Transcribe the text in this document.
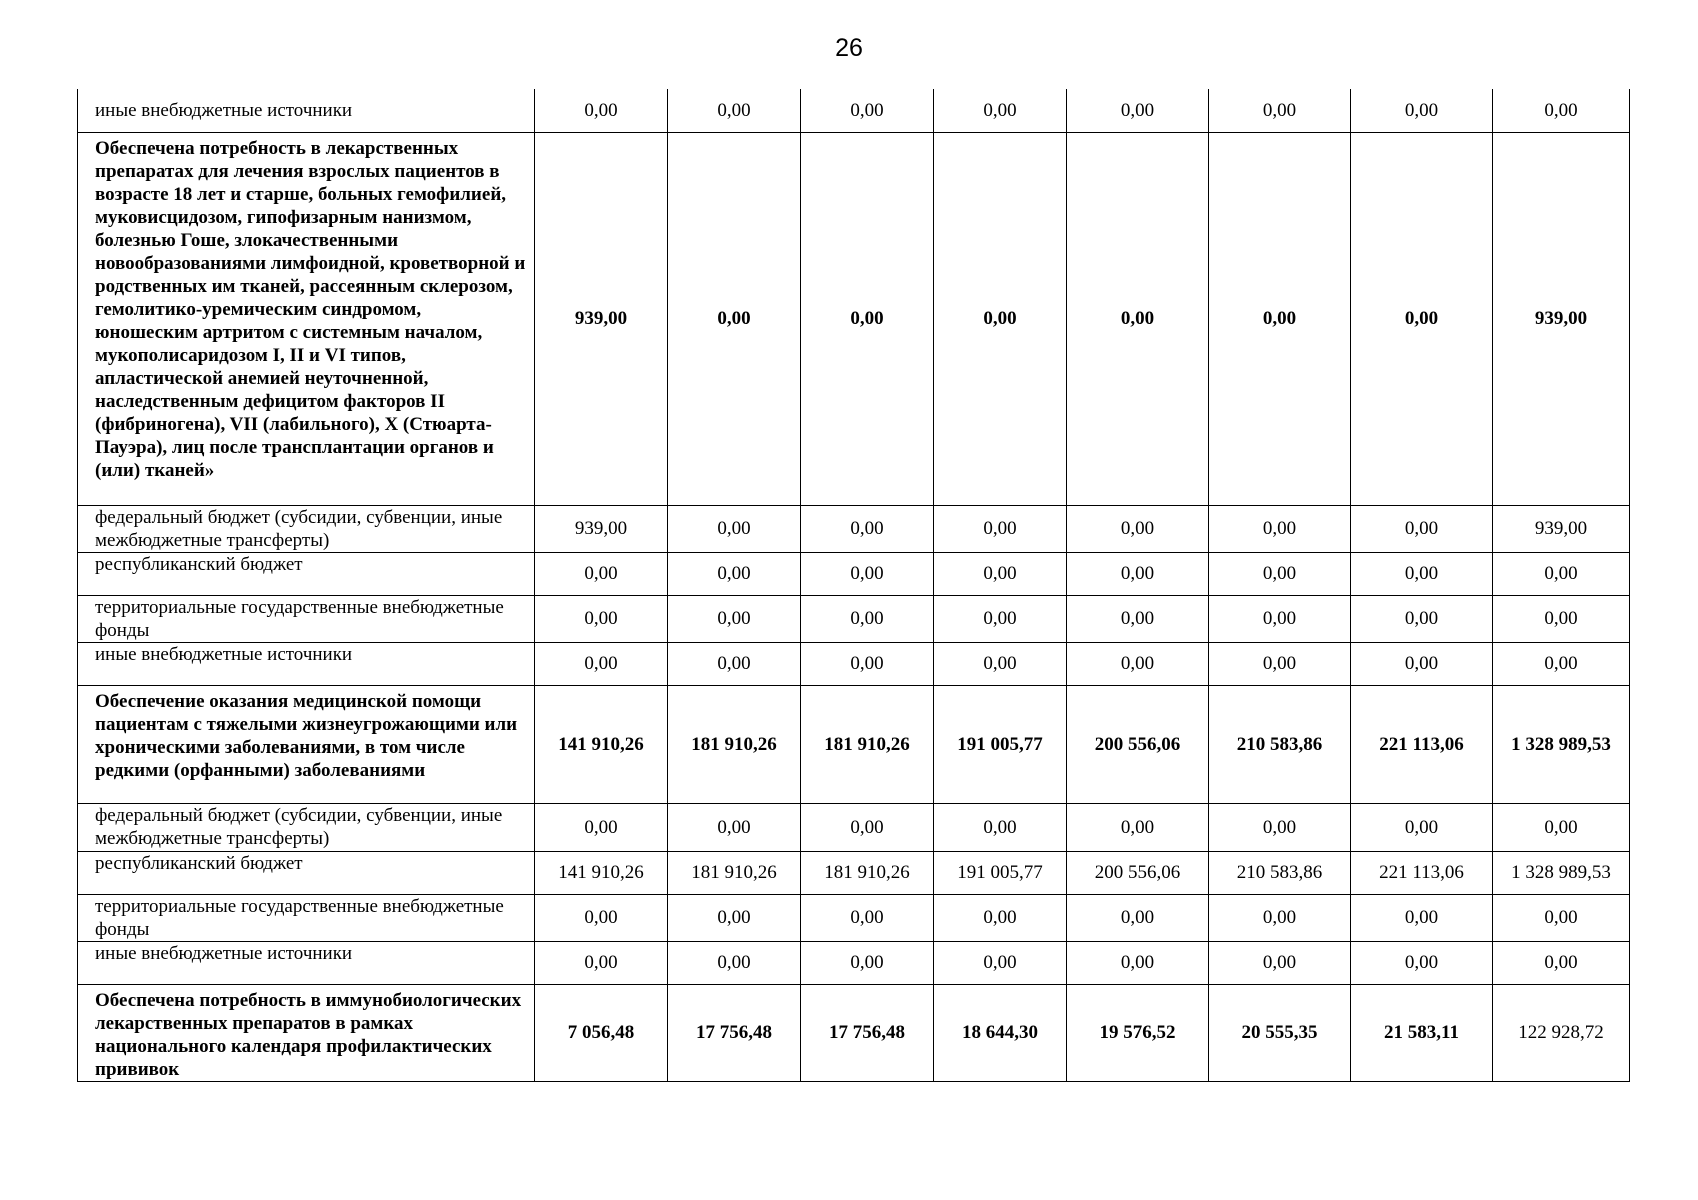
26
иные внебюджетные источники	0,00	0,00	0,00	0,00	0,00	0,00	0,00	0,00
Обеспечена потребность в лекарственных препаратах для лечения взрослых пациентов в возрасте 18 лет и старше, больных гемофилией, муковисцидозом, гипофизарным нанизмом, болезнью Гоше, злокачественными новообразованиями лимфоидной, кроветворной и родственных им тканей, рассеянным склерозом, гемолитико-уремическим синдромом, юношеским артритом с системным началом, мукополисаридозом I, II и VI типов, апластической анемией неуточненной, наследственным дефицитом факторов II (фибриногена), VII (лабильного), X (Стюарта-Пауэра), лиц после трансплантации органов и (или) тканей»	939,00	0,00	0,00	0,00	0,00	0,00	0,00	939,00
федеральный бюджет (субсидии, субвенции, иные межбюджетные трансферты)	939,00	0,00	0,00	0,00	0,00	0,00	0,00	939,00
республиканский бюджет	0,00	0,00	0,00	0,00	0,00	0,00	0,00	0,00
территориальные государственные внебюджетные фонды	0,00	0,00	0,00	0,00	0,00	0,00	0,00	0,00
иные внебюджетные источники	0,00	0,00	0,00	0,00	0,00	0,00	0,00	0,00
Обеспечение оказания медицинской помощи пациентам с тяжелыми жизнеугрожающими или хроническими заболеваниями, в том числе редкими (орфанными) заболеваниями	141 910,26	181 910,26	181 910,26	191 005,77	200 556,06	210 583,86	221 113,06	1 328 989,53
федеральный бюджет (субсидии, субвенции, иные межбюджетные трансферты)	0,00	0,00	0,00	0,00	0,00	0,00	0,00	0,00
республиканский бюджет	141 910,26	181 910,26	181 910,26	191 005,77	200 556,06	210 583,86	221 113,06	1 328 989,53
территориальные государственные внебюджетные фонды	0,00	0,00	0,00	0,00	0,00	0,00	0,00	0,00
иные внебюджетные источники	0,00	0,00	0,00	0,00	0,00	0,00	0,00	0,00
Обеспечена потребность в иммунобиологических лекарственных препаратов в рамках национального календаря профилактических прививок	7 056,48	17 756,48	17 756,48	18 644,30	19 576,52	20 555,35	21 583,11	122 928,72
